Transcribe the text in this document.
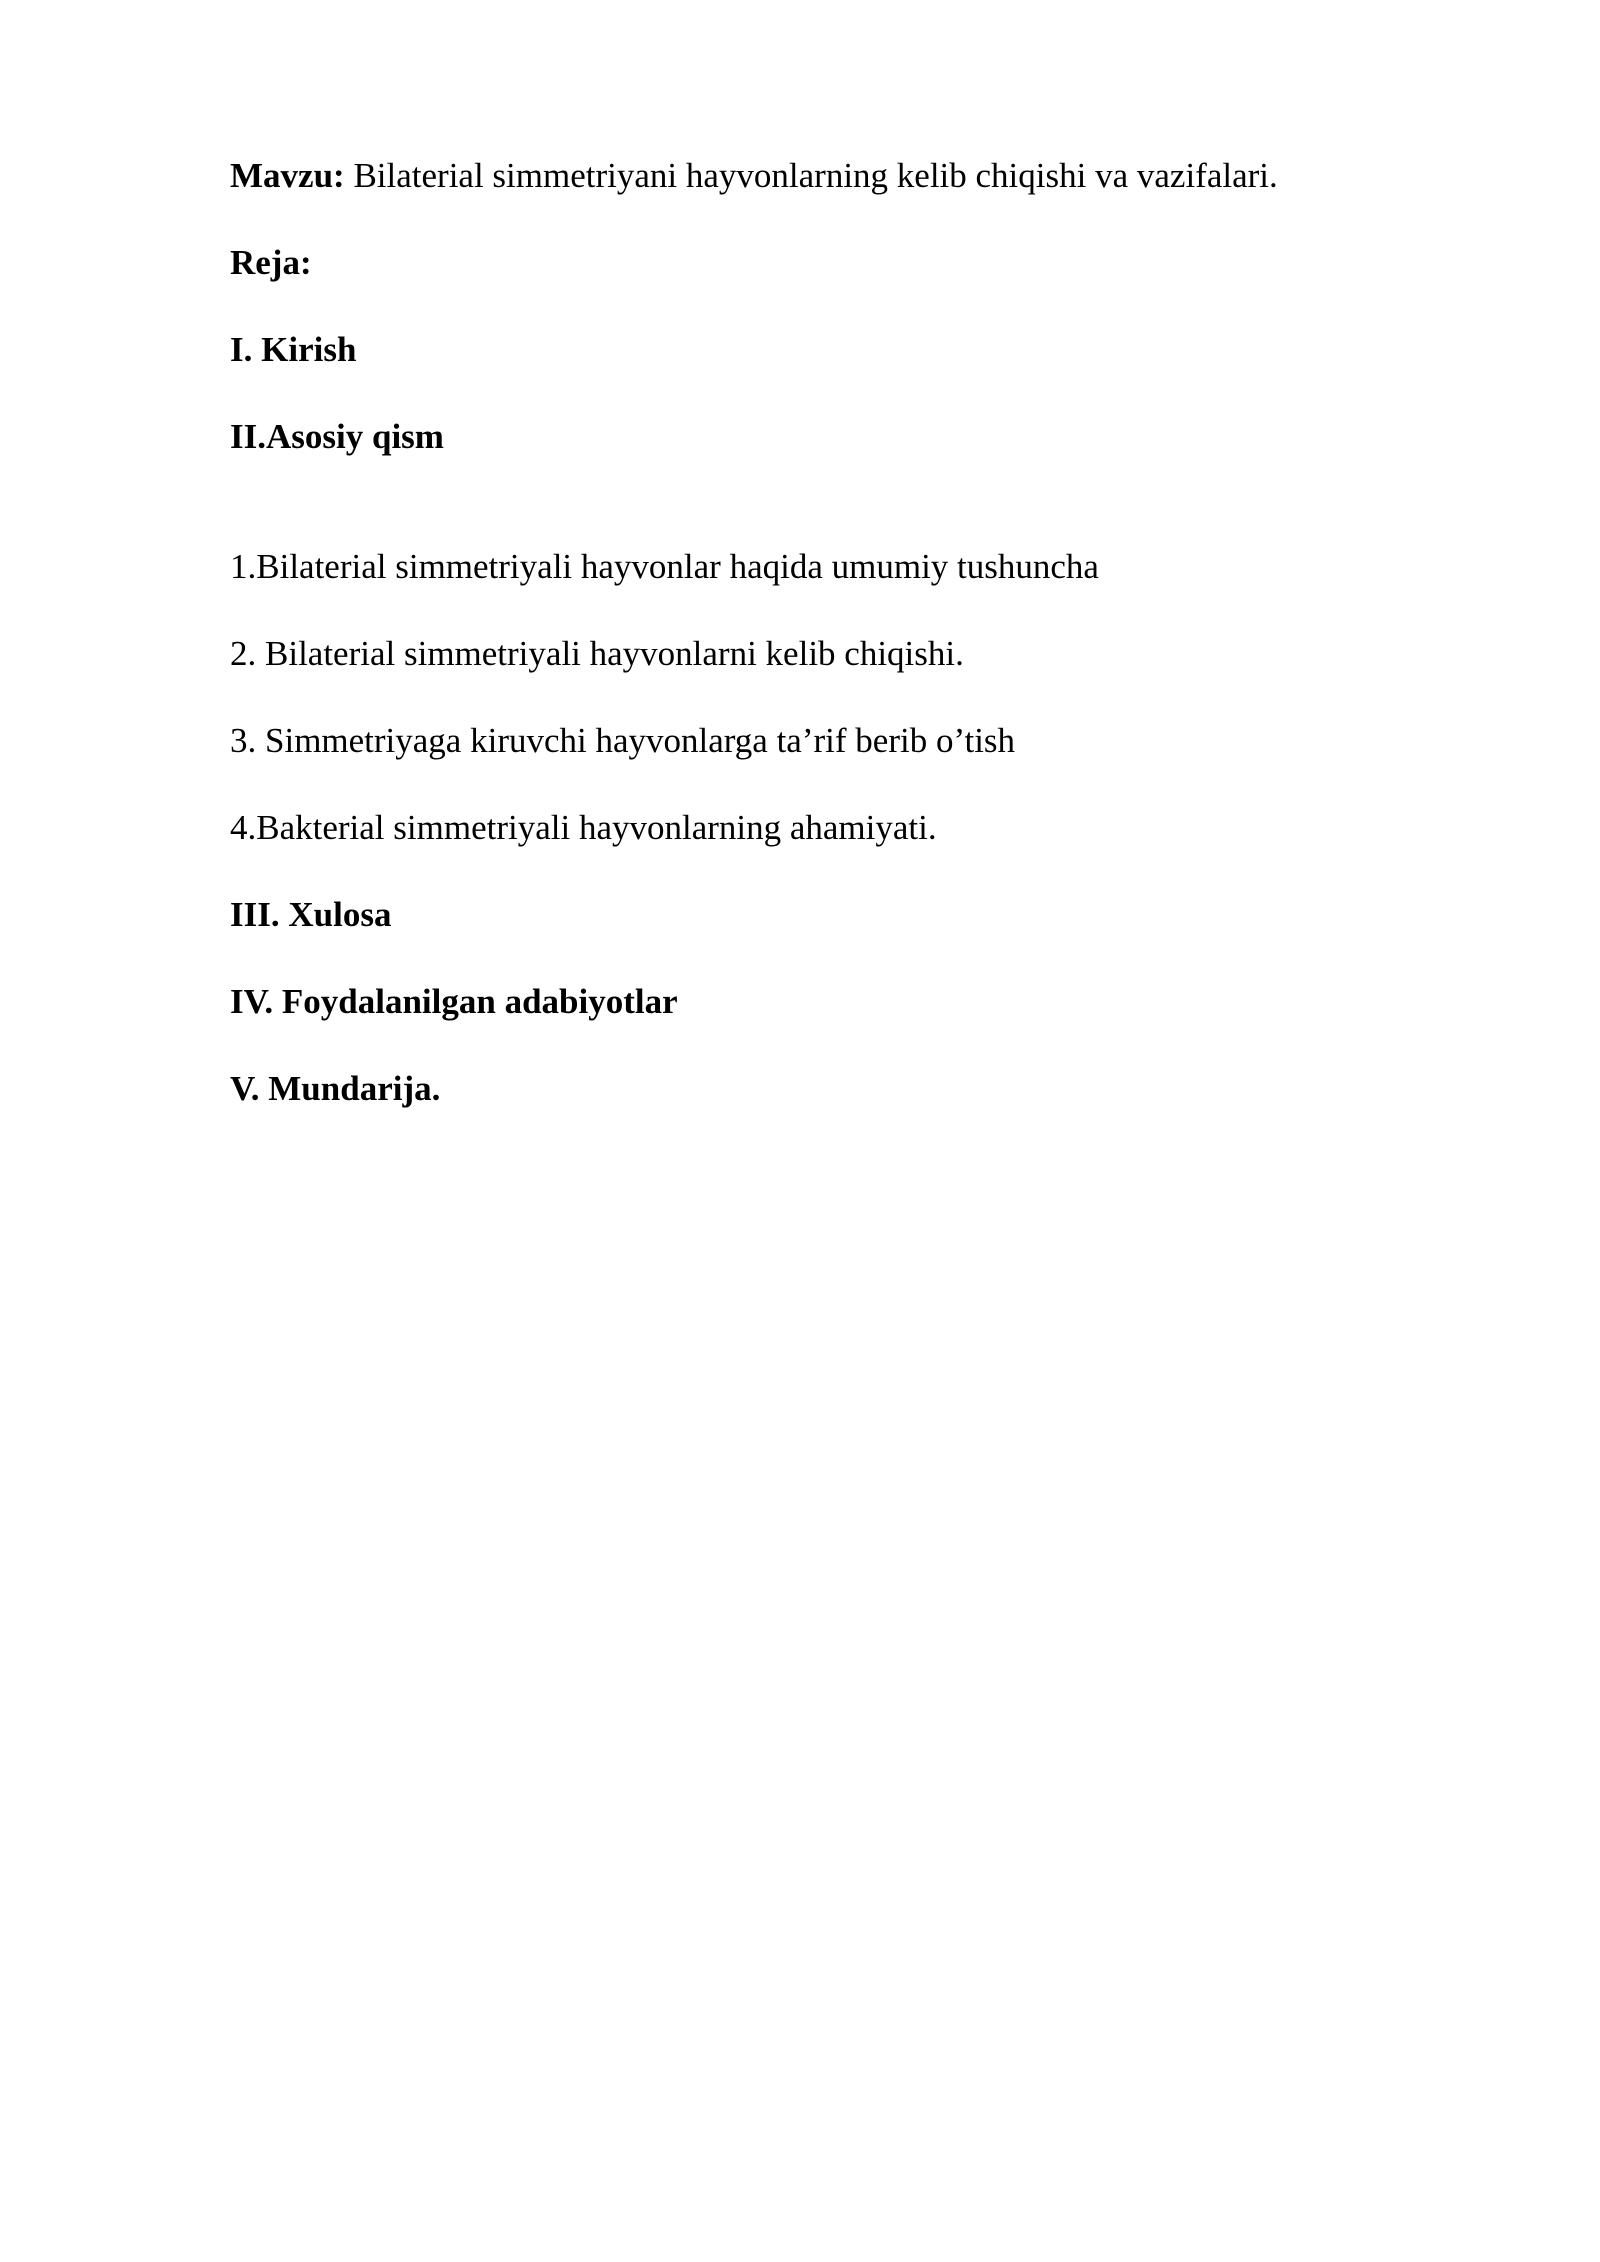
Mavzu: Bilaterial simmetriyani hayvonlarning kelib chiqishi va vazifalari.
Reja:
I. Kirish
II.Asosiy qism
1.Bilaterial simmetriyali hayvonlar haqida umumiy tushuncha
2. Bilaterial simmetriyali hayvonlarni kelib chiqishi.
3. Simmetriyaga kiruvchi hayvonlarga ta’rif berib o’tish
4.Bakterial simmetriyali hayvonlarning ahamiyati.
III. Xulosa
IV. Foydalanilgan adabiyotlar
V. Mundarija.
